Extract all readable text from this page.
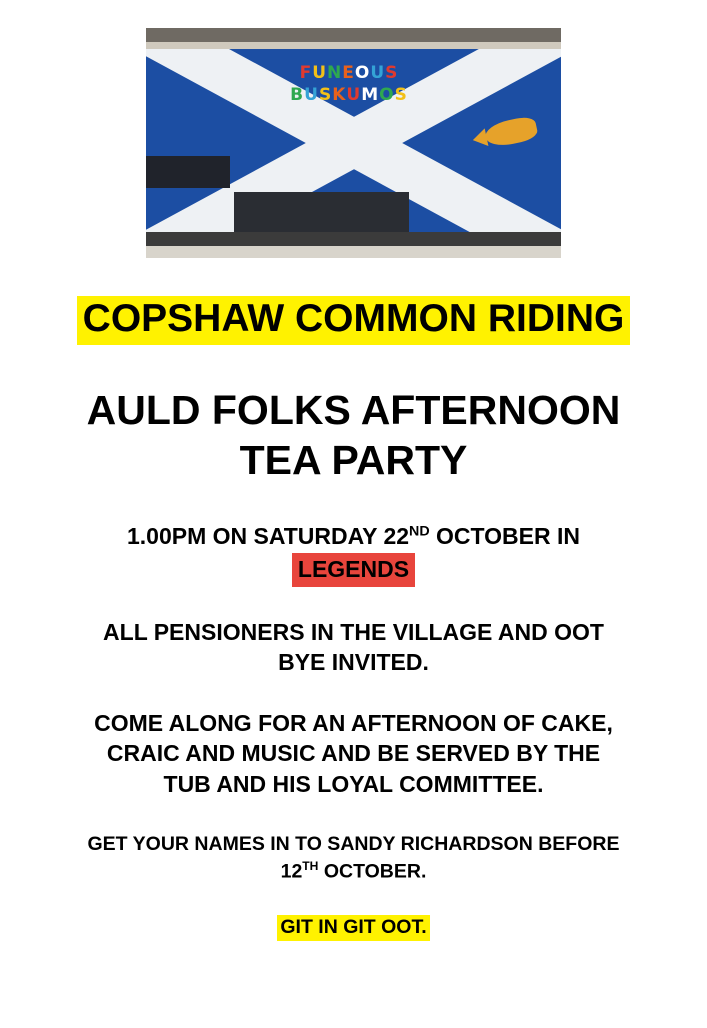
FUNEOUS
BUSKUMOS
COPSHAW COMMON RIDING
AULD FOLKS AFTERNOON
TEA PARTY
1.00PM ON SATURDAY 22ND OCTOBER IN
LEGENDS
ALL PENSIONERS IN THE VILLAGE AND OOT
BYE INVITED.
COME ALONG FOR AN AFTERNOON OF CAKE,
CRAIC AND MUSIC AND BE SERVED BY THE
TUB AND HIS LOYAL COMMITTEE.
GET YOUR NAMES IN TO SANDY RICHARDSON BEFORE
12TH OCTOBER.
GIT IN GIT OOT.
